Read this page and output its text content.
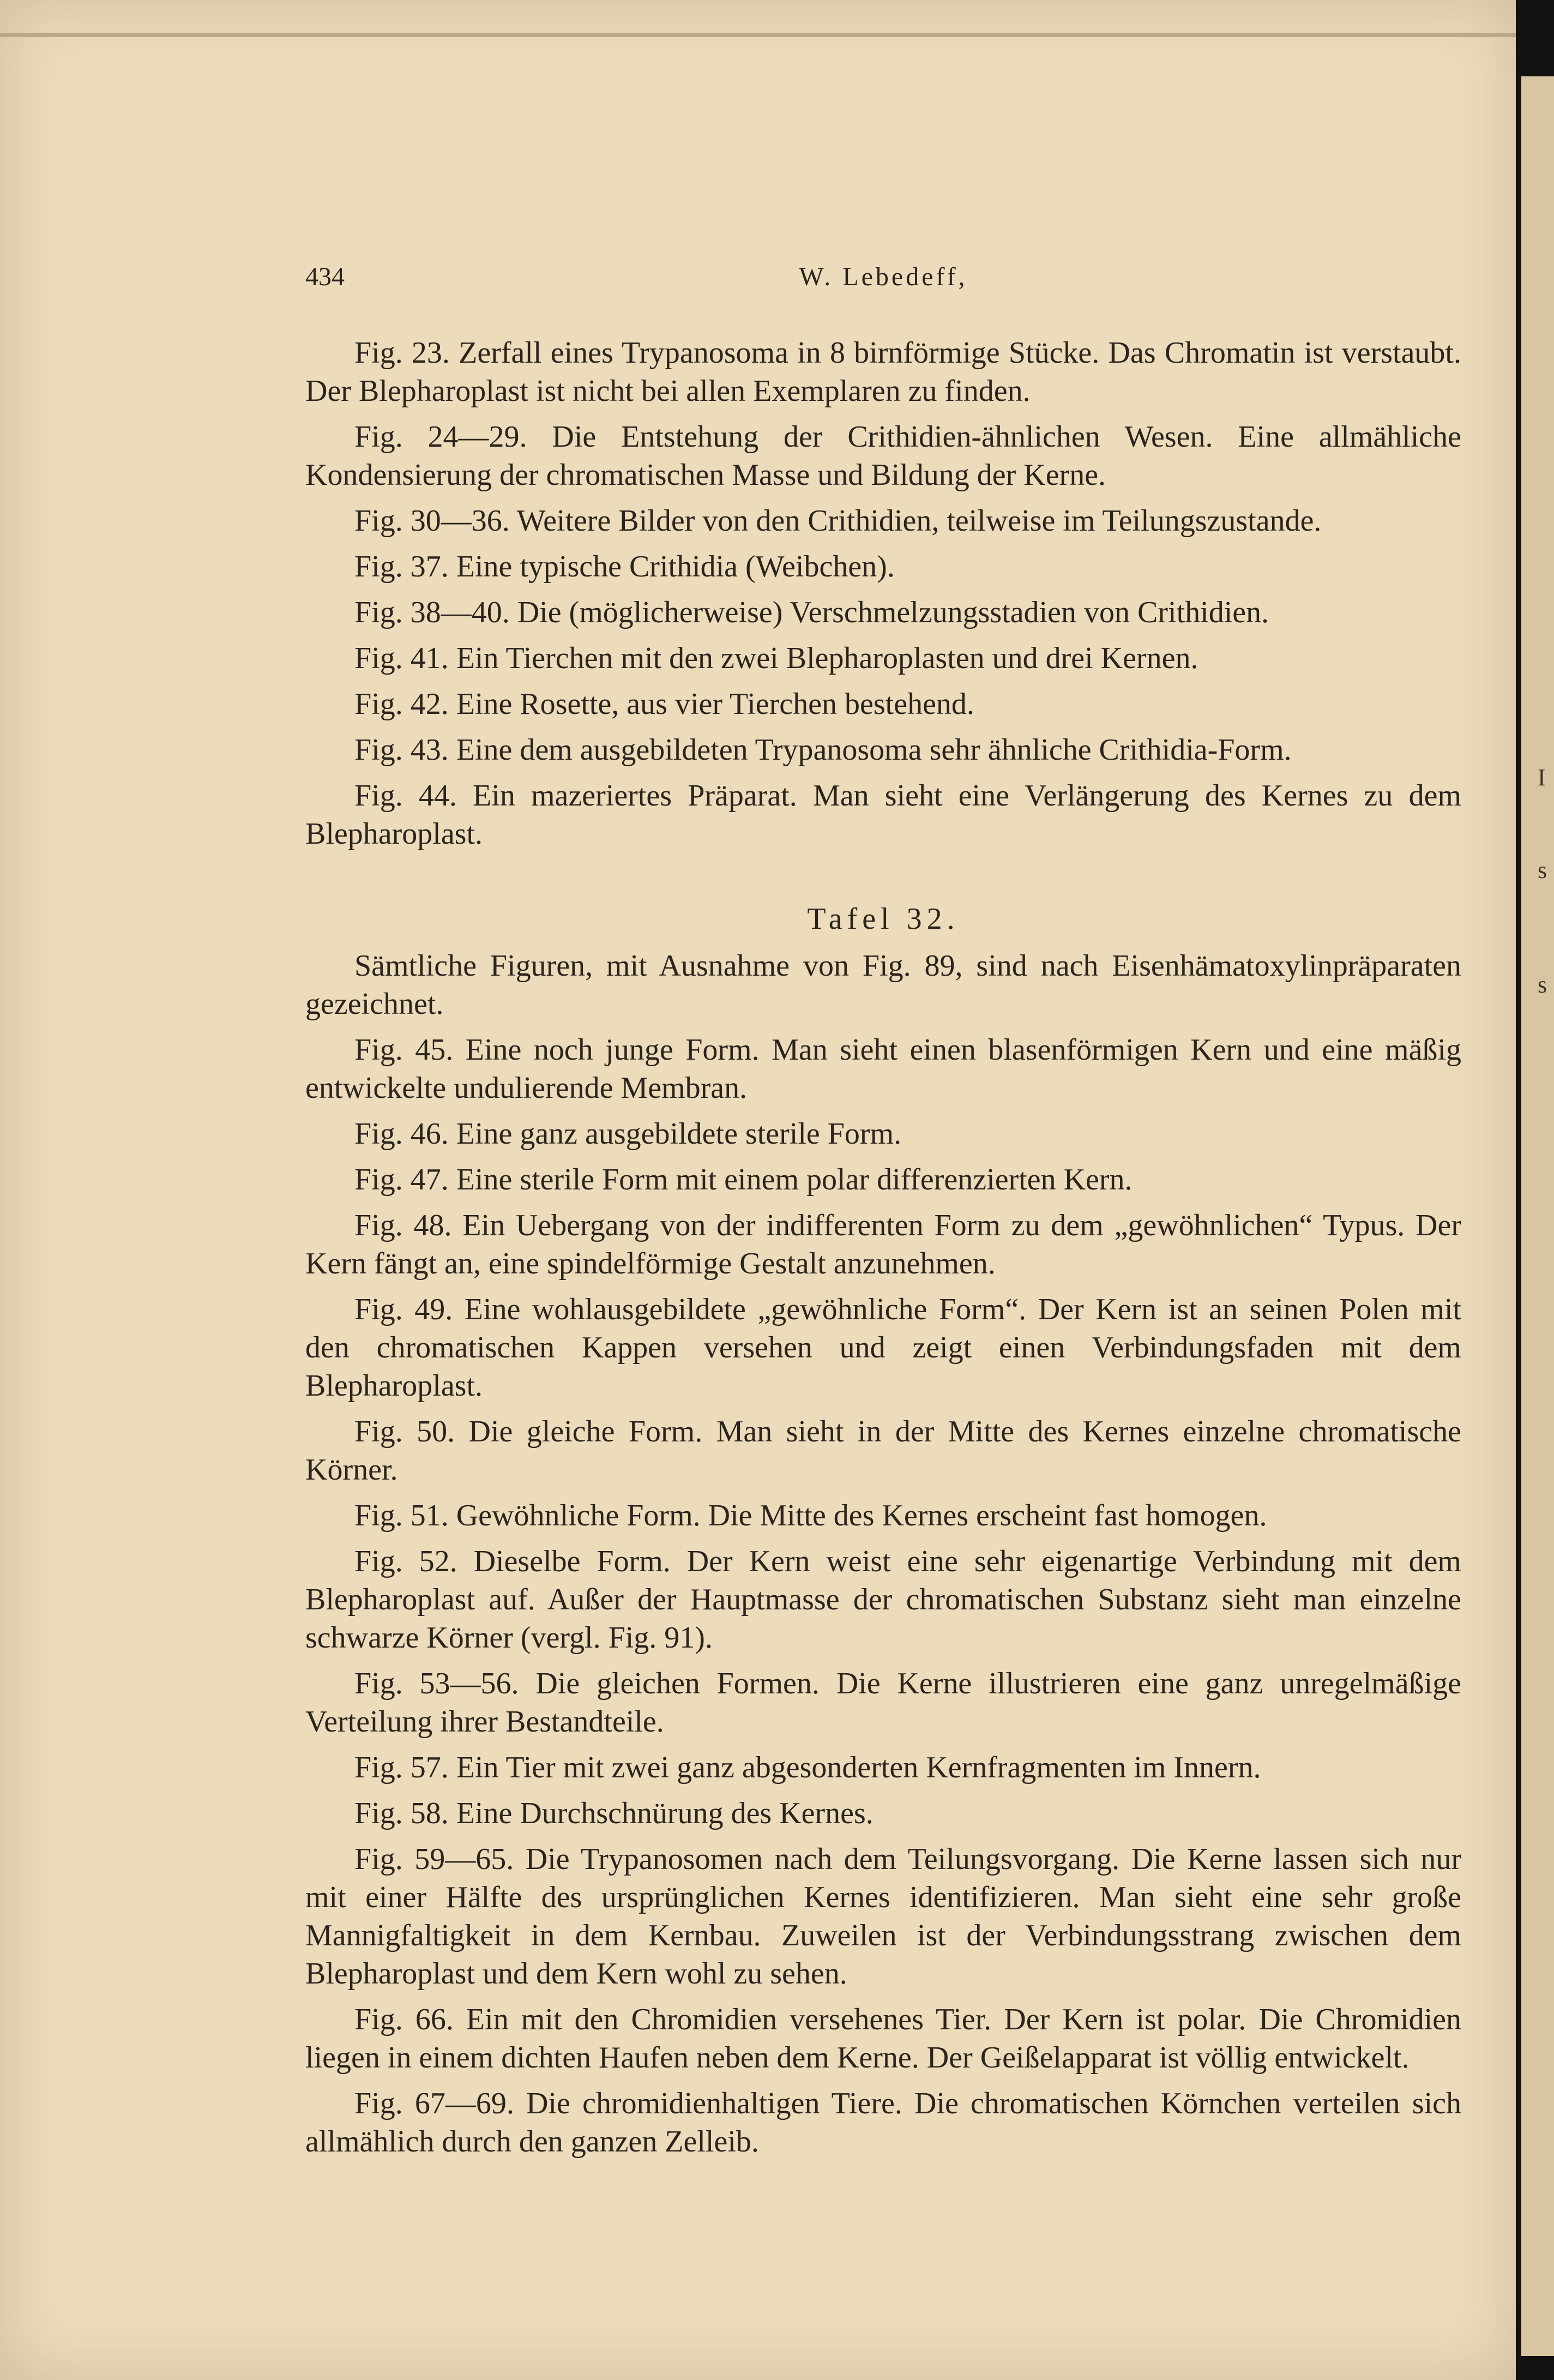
434	W. Lebedeff,

Fig. 23. Zerfall eines Trypanosoma in 8 birnförmige Stücke. Das Chromatin ist verstaubt. Der Blepharoplast ist nicht bei allen Exemplaren zu finden.

Fig. 24—29. Die Entstehung der Crithidien-ähnlichen Wesen. Eine allmähliche Kondensierung der chromatischen Masse und Bildung der Kerne.

Fig. 30—36. Weitere Bilder von den Crithidien, teilweise im Teilungszustande.

Fig. 37. Eine typische Crithidia (Weibchen).

Fig. 38—40. Die (möglicherweise) Verschmelzungsstadien von Crithidien.

Fig. 41. Ein Tierchen mit den zwei Blepharoplasten und drei Kernen.

Fig. 42. Eine Rosette, aus vier Tierchen bestehend.

Fig. 43. Eine dem ausgebildeten Trypanosoma sehr ähnliche Crithidia-Form.

Fig. 44. Ein mazeriertes Präparat. Man sieht eine Verlängerung des Kernes zu dem Blepharoplast.

Tafel 32.

Sämtliche Figuren, mit Ausnahme von Fig. 89, sind nach Eisenhämatoxylinpräparaten gezeichnet.

Fig. 45. Eine noch junge Form. Man sieht einen blasenförmigen Kern und eine mäßig entwickelte undulierende Membran.

Fig. 46. Eine ganz ausgebildete sterile Form.

Fig. 47. Eine sterile Form mit einem polar differenzierten Kern.

Fig. 48. Ein Uebergang von der indifferenten Form zu dem „gewöhnlichen“ Typus. Der Kern fängt an, eine spindelförmige Gestalt anzunehmen.

Fig. 49. Eine wohlausgebildete „gewöhnliche Form“. Der Kern ist an seinen Polen mit den chromatischen Kappen versehen und zeigt einen Verbindungsfaden mit dem Blepharoplast.

Fig. 50. Die gleiche Form. Man sieht in der Mitte des Kernes einzelne chromatische Körner.

Fig. 51. Gewöhnliche Form. Die Mitte des Kernes erscheint fast homogen.

Fig. 52. Dieselbe Form. Der Kern weist eine sehr eigenartige Verbindung mit dem Blepharoplast auf. Außer der Hauptmasse der chromatischen Substanz sieht man einzelne schwarze Körner (vergl. Fig. 91).

Fig. 53—56. Die gleichen Formen. Die Kerne illustrieren eine ganz unregelmäßige Verteilung ihrer Bestandteile.

Fig. 57. Ein Tier mit zwei ganz abgesonderten Kernfragmenten im Innern.

Fig. 58. Eine Durchschnürung des Kernes.

Fig. 59—65. Die Trypanosomen nach dem Teilungsvorgang. Die Kerne lassen sich nur mit einer Hälfte des ursprünglichen Kernes identifizieren. Man sieht eine sehr große Mannigfaltigkeit in dem Kernbau. Zuweilen ist der Verbindungsstrang zwischen dem Blepharoplast und dem Kern wohl zu sehen.

Fig. 66. Ein mit den Chromidien versehenes Tier. Der Kern ist polar. Die Chromidien liegen in einem dichten Haufen neben dem Kerne. Der Geißelapparat ist völlig entwickelt.

Fig. 67—69. Die chromidienhaltigen Tiere. Die chromatischen Körnchen verteilen sich allmählich durch den ganzen Zelleib.

I
s
s
